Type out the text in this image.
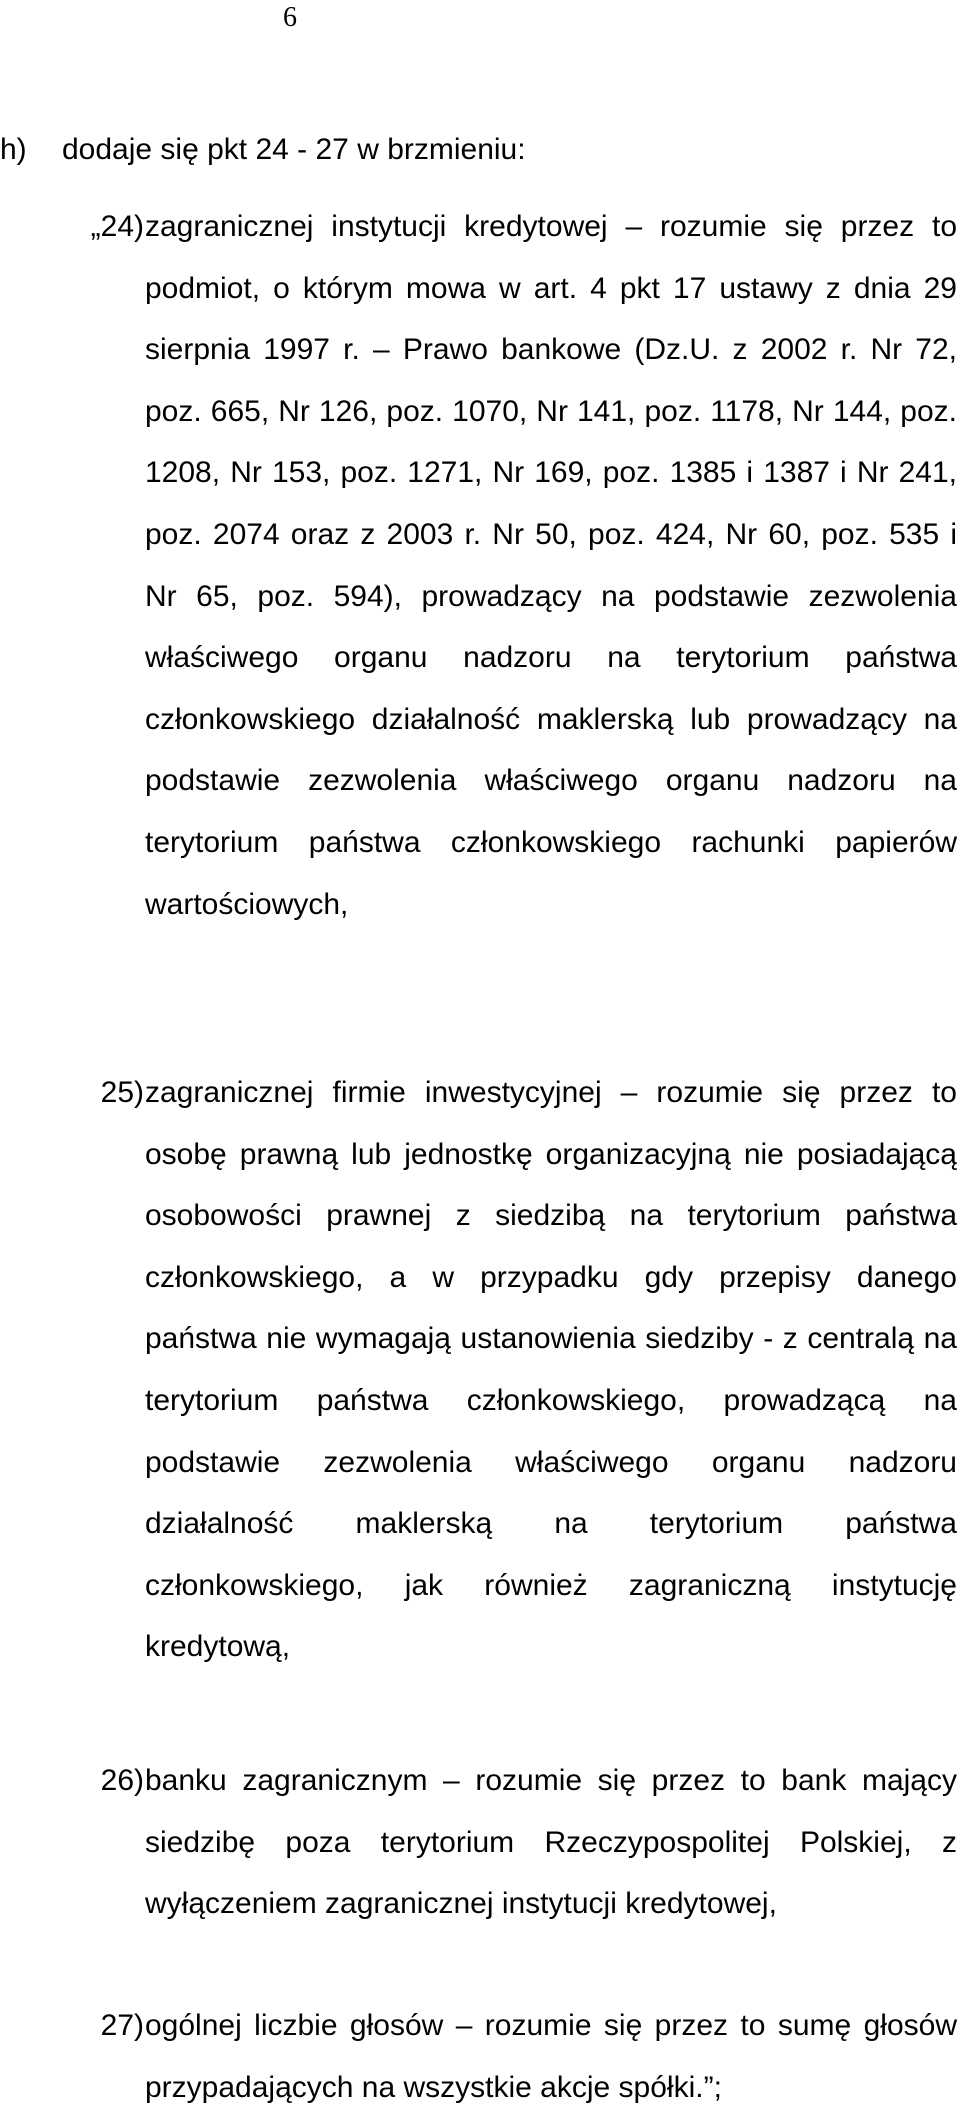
6
h) dodaje się pkt 24 - 27 w brzmieniu:
„24) zagranicznej instytucji kredytowej – rozumie się przez to podmiot, o którym mowa w art. 4 pkt 17 ustawy z dnia 29 sierpnia 1997 r. – Prawo bankowe (Dz.U. z 2002 r. Nr 72, poz. 665, Nr 126, poz. 1070, Nr 141, poz. 1178, Nr 144, poz. 1208, Nr 153, poz. 1271, Nr 169, poz. 1385 i 1387 i Nr 241, poz. 2074 oraz z 2003 r. Nr 50, poz. 424, Nr 60, poz. 535 i Nr 65, poz. 594), prowadzący na podstawie zezwolenia właściwego organu nadzoru na terytorium państwa członkowskiego działalność maklerską lub prowadzący na podstawie zezwolenia właściwego organu nadzoru na terytorium państwa członkowskiego rachunki papierów wartościowych,
25) zagranicznej firmie inwestycyjnej – rozumie się przez to osobę prawną lub jednostkę organizacyjną nie posiadającą osobowości prawnej z siedzibą na terytorium państwa członkowskiego, a w przypadku gdy przepisy danego państwa nie wymagają ustanowienia siedziby - z centralą na terytorium państwa członkowskiego, prowadzącą na podstawie zezwolenia właściwego organu nadzoru działalność maklerską na terytorium państwa członkowskiego, jak również zagraniczną instytucję kredytową,
26) banku zagranicznym – rozumie się przez to bank mający siedzibę poza terytorium Rzeczypospolitej Polskiej, z wyłączeniem zagranicznej instytucji kredytowej,
27) ogólnej liczbie głosów – rozumie się przez to sumę głosów przypadających na wszystkie akcje spółki.”;
